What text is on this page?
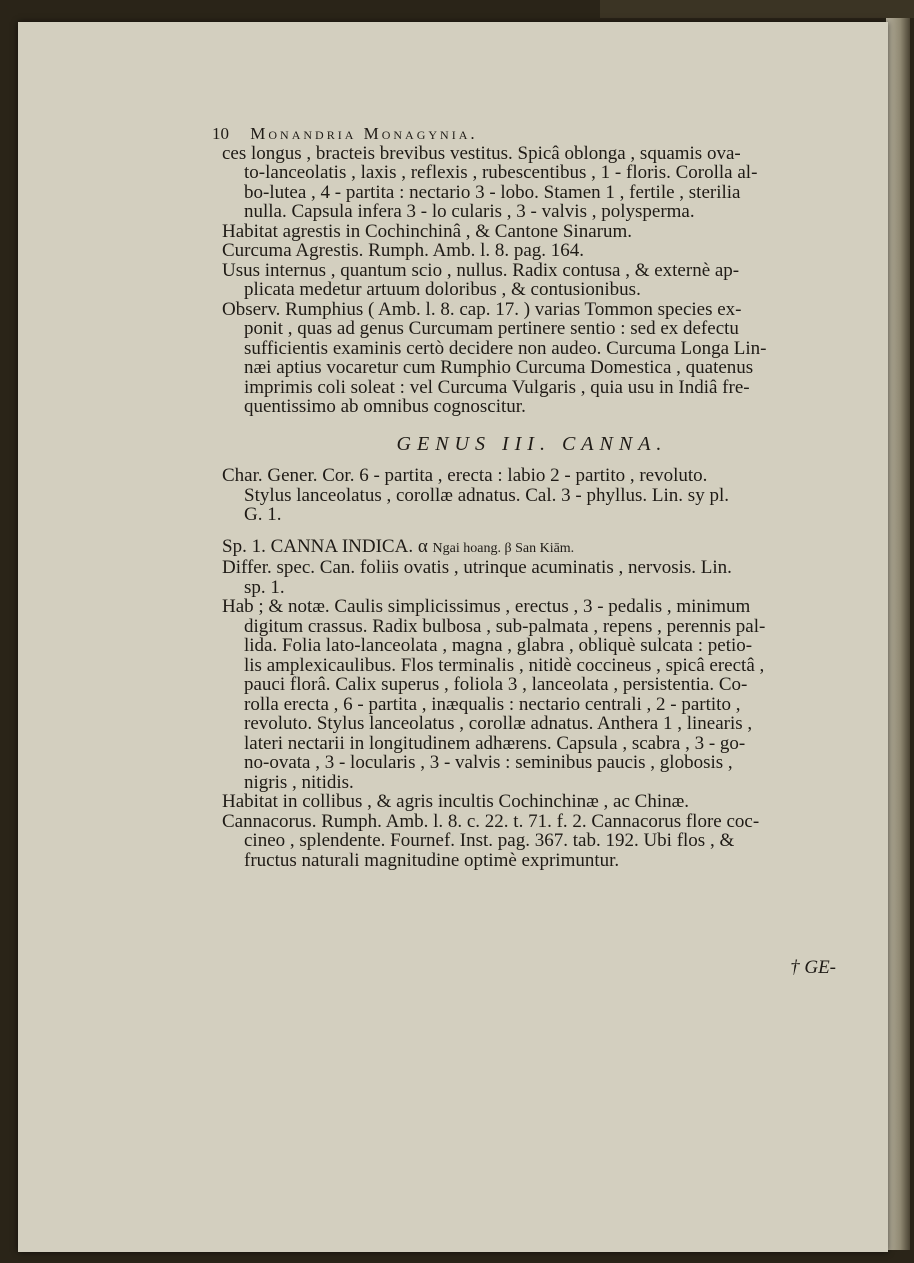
10 Monandria Monagynia.
ces longus , bracteis brevibus vestitus. Spicâ oblonga , squamis ova-
to-lanceolatis , laxis , reflexis , rubescentibus , 1 - floris. Corolla al-
bo-lutea , 4 - partita : nectario 3 - lobo. Stamen 1 , fertile , sterilia
nulla. Capsula infera 3 - lo cularis , 3 - valvis , polysperma.
Habitat agrestis in Cochinchinâ , & Cantone Sinarum.
Curcuma Agrestis. Rumph. Amb. l. 8. pag. 164.
Usus internus , quantum scio , nullus. Radix contusa , & externè ap-
plicata medetur artuum doloribus , & contusionibus.
Observ. Rumphius ( Amb. l. 8. cap. 17. ) varias Tommon species ex-
ponit , quas ad genus Curcumam pertinere sentio : sed ex defectu
sufficientis examinis certò decidere non audeo. Curcuma Longa Lin-
næi aptius vocaretur cum Rumphio Curcuma Domestica , quatenus
imprimis coli soleat : vel Curcuma Vulgaris , quia usu in Indiâ fre-
quentissimo ab omnibus cognoscitur.
GENUS III. CANNA.
Char. Gener. Cor. 6 - partita , erecta : labio 2 - partito , revoluto.
Stylus lanceolatus , corollæ adnatus. Cal. 3 - phyllus. Lin. sy pl.
G. 1.
Sp. 1. CANNA INDICA. α Ngai hoang. β San Kiām.
Differ. spec. Can. foliis ovatis , utrinque acuminatis , nervosis. Lin.
sp. 1.
Hab ; & notæ. Caulis simplicissimus , erectus , 3 - pedalis , minimum
digitum crassus. Radix bulbosa , sub-palmata , repens , perennis pal-
lida. Folia lato-lanceolata , magna , glabra , obliquè sulcata : petio-
lis amplexicaulibus. Flos terminalis , nitidè coccineus , spicâ erectâ ,
pauci florâ. Calix superus , foliola 3 , lanceolata , persistentia. Co-
rolla erecta , 6 - partita , inæqualis : nectario centrali , 2 - partito ,
revoluto. Stylus lanceolatus , corollæ adnatus. Anthera 1 , linearis ,
lateri nectarii in longitudinem adhærens. Capsula , scabra , 3 - go-
no-ovata , 3 - locularis , 3 - valvis : seminibus paucis , globosis ,
nigris , nitidis.
Habitat in collibus , & agris incultis Cochinchinæ , ac Chinæ.
Cannacorus. Rumph. Amb. l. 8. c. 22. t. 71. f. 2. Cannacorus flore coc-
cineo , splendente. Fournef. Inst. pag. 367. tab. 192. Ubi flos , &
fructus naturali magnitudine optimè exprimuntur.
† GE-
